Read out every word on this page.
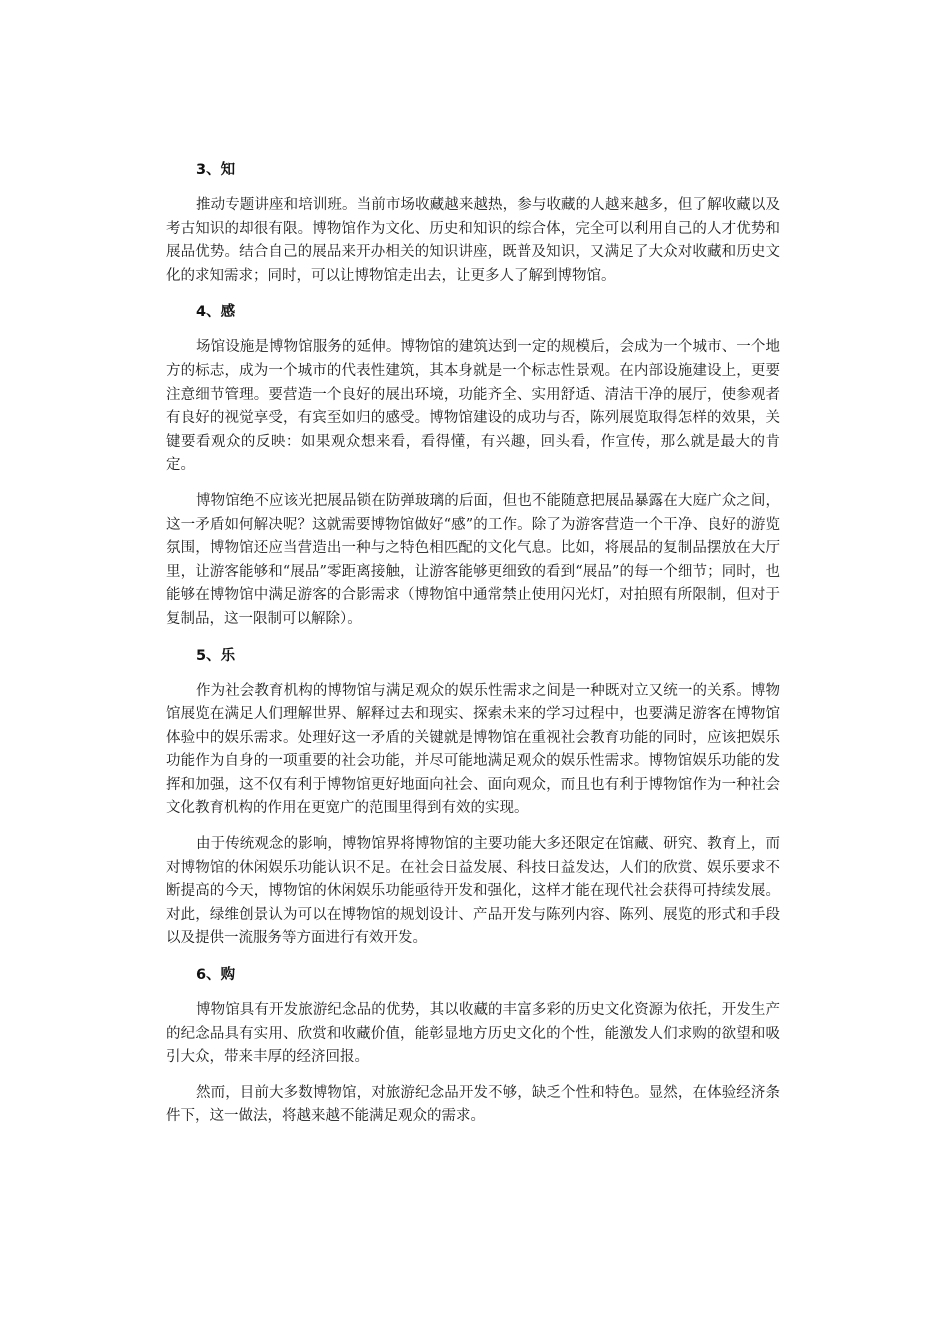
3、知

推动专题讲座和培训班。当前市场收藏越来越热，参与收藏的人越来越多，但了解收藏以及考古知识的却很有限。博物馆作为文化、历史和知识的综合体，完全可以利用自己的人才优势和展品优势。结合自己的展品来开办相关的知识讲座，既普及知识，又满足了大众对收藏和历史文化的求知需求；同时，可以让博物馆走出去，让更多人了解到博物馆。

4、感

场馆设施是博物馆服务的延伸。博物馆的建筑达到一定的规模后，会成为一个城市、一个地方的标志，成为一个城市的代表性建筑，其本身就是一个标志性景观。在内部设施建设上，更要注意细节管理。要营造一个良好的展出环境，功能齐全、实用舒适、清洁干净的展厅，使参观者有良好的视觉享受，有宾至如归的感受。博物馆建设的成功与否，陈列展览取得怎样的效果，关键要看观众的反映：如果观众想来看，看得懂，有兴趣，回头看，作宣传，那么就是最大的肯定。

博物馆绝不应该光把展品锁在防弹玻璃的后面，但也不能随意把展品暴露在大庭广众之间，这一矛盾如何解决呢？这就需要博物馆做好“感”的工作。除了为游客营造一个干净、良好的游览氛围，博物馆还应当营造出一种与之特色相匹配的文化气息。比如，将展品的复制品摆放在大厅里，让游客能够和“展品”零距离接触，让游客能够更细致的看到“展品”的每一个细节；同时，也能够在博物馆中满足游客的合影需求（博物馆中通常禁止使用闪光灯，对拍照有所限制，但对于复制品，这一限制可以解除）。

5、乐

作为社会教育机构的博物馆与满足观众的娱乐性需求之间是一种既对立又统一的关系。博物馆展览在满足人们理解世界、解释过去和现实、探索未来的学习过程中，也要满足游客在博物馆体验中的娱乐需求。处理好这一矛盾的关键就是博物馆在重视社会教育功能的同时，应该把娱乐功能作为自身的一项重要的社会功能，并尽可能地满足观众的娱乐性需求。博物馆娱乐功能的发挥和加强，这不仅有利于博物馆更好地面向社会、面向观众，而且也有利于博物馆作为一种社会文化教育机构的作用在更宽广的范围里得到有效的实现。

由于传统观念的影响，博物馆界将博物馆的主要功能大多还限定在馆藏、研究、教育上，而对博物馆的休闲娱乐功能认识不足。在社会日益发展、科技日益发达，人们的欣赏、娱乐要求不断提高的今天，博物馆的休闲娱乐功能亟待开发和强化，这样才能在现代社会获得可持续发展。对此，绿维创景认为可以在博物馆的规划设计、产品开发与陈列内容、陈列、展览的形式和手段以及提供一流服务等方面进行有效开发。

6、购

博物馆具有开发旅游纪念品的优势，其以收藏的丰富多彩的历史文化资源为依托，开发生产的纪念品具有实用、欣赏和收藏价值，能彰显地方历史文化的个性，能激发人们求购的欲望和吸引大众，带来丰厚的经济回报。

然而，目前大多数博物馆，对旅游纪念品开发不够，缺乏个性和特色。显然，在体验经济条件下，这一做法，将越来越不能满足观众的需求。
